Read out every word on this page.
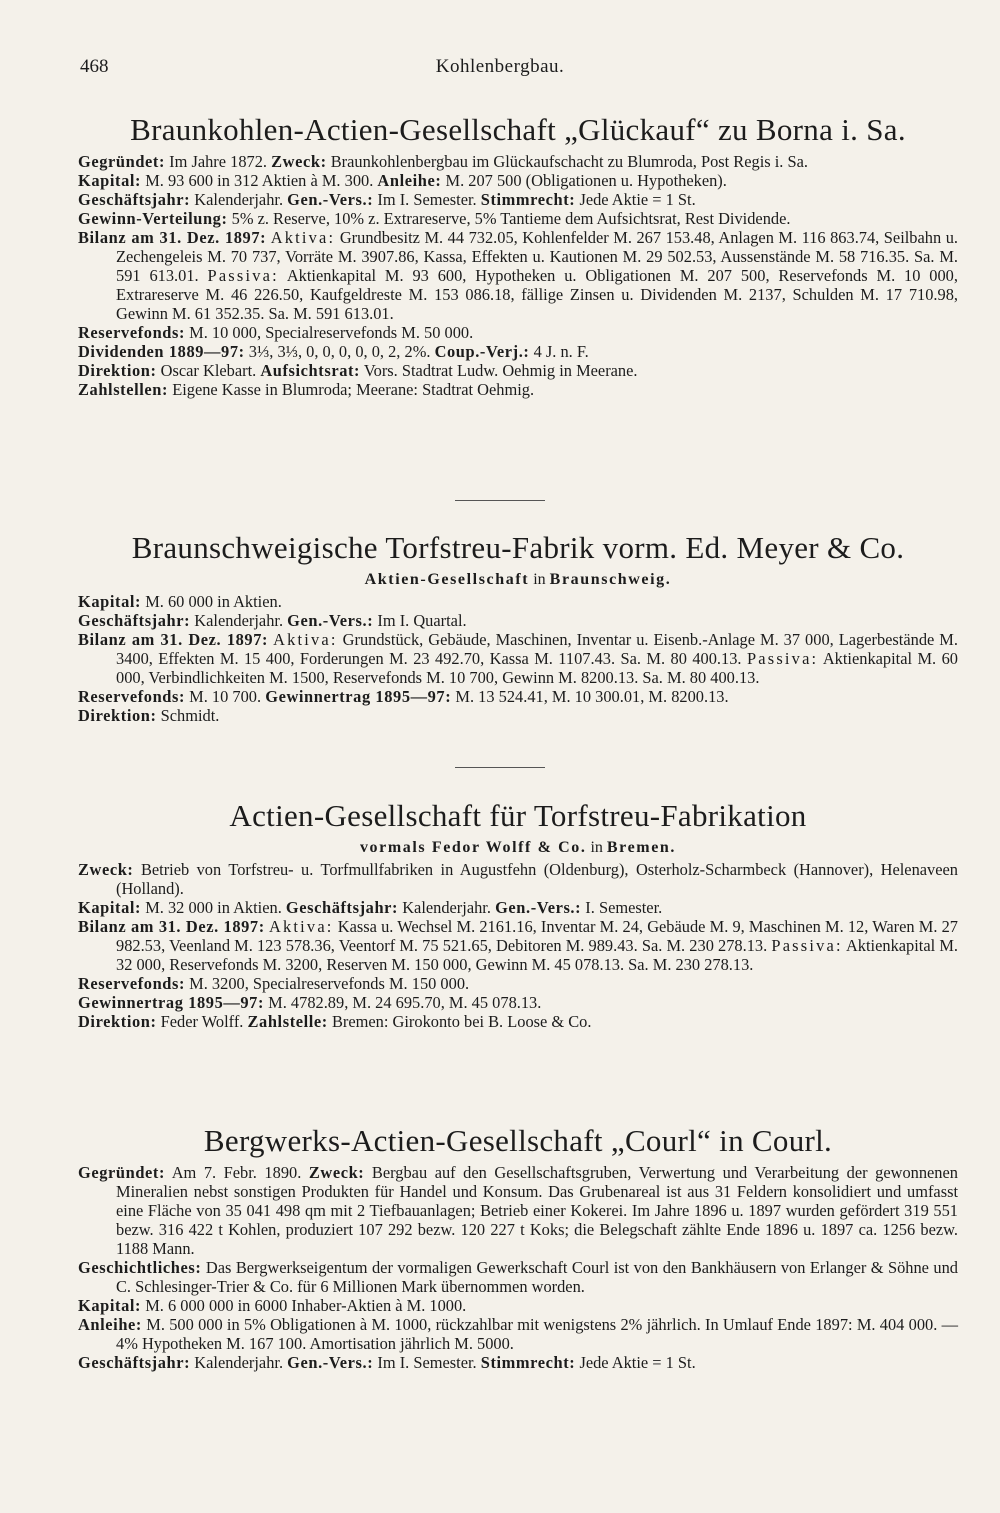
468	Kohlenbergbau.
Braunkohlen-Actien-Gesellschaft „Glückauf“ zu Borna i. Sa.

Gegründet: Im Jahre 1872. Zweck: Braunkohlenbergbau im Glückaufschacht zu Blumroda, Post Regis i. Sa.

Kapital: M. 93 600 in 312 Aktien à M. 300. Anleihe: M. 207 500 (Obligationen u. Hypotheken).

Geschäftsjahr: Kalenderjahr. Gen.-Vers.: Im I. Semester. Stimmrecht: Jede Aktie = 1 St.

Gewinn-Verteilung: 5% z. Reserve, 10% z. Extrareserve, 5% Tantieme dem Aufsichtsrat, Rest Dividende.

Bilanz am 31. Dez. 1897: Aktiva: Grundbesitz M. 44 732.05, Kohlenfelder M. 267 153.48, Anlagen M. 116 863.74, Seilbahn u. Zechengeleis M. 70 737, Vorräte M. 3907.86, Kassa, Effekten u. Kautionen M. 29 502.53, Aussenstände M. 58 716.35. Sa. M. 591 613.01. Passiva: Aktienkapital M. 93 600, Hypotheken u. Obligationen M. 207 500, Reservefonds M. 10 000, Extrareserve M. 46 226.50, Kaufgeldreste M. 153 086.18, fällige Zinsen u. Dividenden M. 2137, Schulden M. 17 710.98, Gewinn M. 61 352.35. Sa. M. 591 613.01.

Reservefonds: M. 10 000, Specialreservefonds M. 50 000.

Dividenden 1889—97: 3⅓, 3⅓, 0, 0, 0, 0, 0, 2, 2%. Coup.-Verj.: 4 J. n. F.

Direktion: Oscar Klebart. Aufsichtsrat: Vors. Stadtrat Ludw. Oehmig in Meerane.

Zahlstellen: Eigene Kasse in Blumroda; Meerane: Stadtrat Oehmig.

Braunschweigische Torfstreu-Fabrik vorm. Ed. Meyer & Co.
Aktien-Gesellschaft in Braunschweig.

Kapital: M. 60 000 in Aktien.

Geschäftsjahr: Kalenderjahr. Gen.-Vers.: Im I. Quartal.

Bilanz am 31. Dez. 1897: Aktiva: Grundstück, Gebäude, Maschinen, Inventar u. Eisenb.-Anlage M. 37 000, Lagerbestände M. 3400, Effekten M. 15 400, Forderungen M. 23 492.70, Kassa M. 1107.43. Sa. M. 80 400.13. Passiva: Aktienkapital M. 60 000, Verbindlichkeiten M. 1500, Reservefonds M. 10 700, Gewinn M. 8200.13. Sa. M. 80 400.13.

Reservefonds: M. 10 700. Gewinnertrag 1895—97: M. 13 524.41, M. 10 300.01, M. 8200.13.

Direktion: Schmidt.

Actien-Gesellschaft für Torfstreu-Fabrikation
vormals Fedor Wolff & Co. in Bremen.

Zweck: Betrieb von Torfstreu- u. Torfmullfabriken in Augustfehn (Oldenburg), Osterholz-Scharmbeck (Hannover), Helenaveen (Holland).

Kapital: M. 32 000 in Aktien. Geschäftsjahr: Kalenderjahr. Gen.-Vers.: I. Semester.

Bilanz am 31. Dez. 1897: Aktiva: Kassa u. Wechsel M. 2161.16, Inventar M. 24, Gebäude M. 9, Maschinen M. 12, Waren M. 27 982.53, Veenland M. 123 578.36, Veentorf M. 75 521.65, Debitoren M. 989.43. Sa. M. 230 278.13. Passiva: Aktienkapital M. 32 000, Reservefonds M. 3200, Reserven M. 150 000, Gewinn M. 45 078.13. Sa. M. 230 278.13.

Reservefonds: M. 3200, Specialreservefonds M. 150 000.

Gewinnertrag 1895—97: M. 4782.89, M. 24 695.70, M. 45 078.13.

Direktion: Feder Wolff. Zahlstelle: Bremen: Girokonto bei B. Loose & Co.

Bergwerks-Actien-Gesellschaft „Courl“ in Courl.

Gegründet: Am 7. Febr. 1890. Zweck: Bergbau auf den Gesellschaftsgruben, Verwertung und Verarbeitung der gewonnenen Mineralien nebst sonstigen Produkten für Handel und Konsum. Das Grubenareal ist aus 31 Feldern konsolidiert und umfasst eine Fläche von 35 041 498 qm mit 2 Tiefbauanlagen; Betrieb einer Kokerei. Im Jahre 1896 u. 1897 wurden gefördert 319 551 bezw. 316 422 t Kohlen, produziert 107 292 bezw. 120 227 t Koks; die Belegschaft zählte Ende 1896 u. 1897 ca. 1256 bezw. 1188 Mann.

Geschichtliches: Das Bergwerkseigentum der vormaligen Gewerkschaft Courl ist von den Bankhäusern von Erlanger & Söhne und C. Schlesinger-Trier & Co. für 6 Millionen Mark übernommen worden.

Kapital: M. 6 000 000 in 6000 Inhaber-Aktien à M. 1000.

Anleihe: M. 500 000 in 5% Obligationen à M. 1000, rückzahlbar mit wenigstens 2% jährlich. In Umlauf Ende 1897: M. 404 000. — 4% Hypotheken M. 167 100. Amortisation jährlich M. 5000.

Geschäftsjahr: Kalenderjahr. Gen.-Vers.: Im I. Semester. Stimmrecht: Jede Aktie = 1 St.
